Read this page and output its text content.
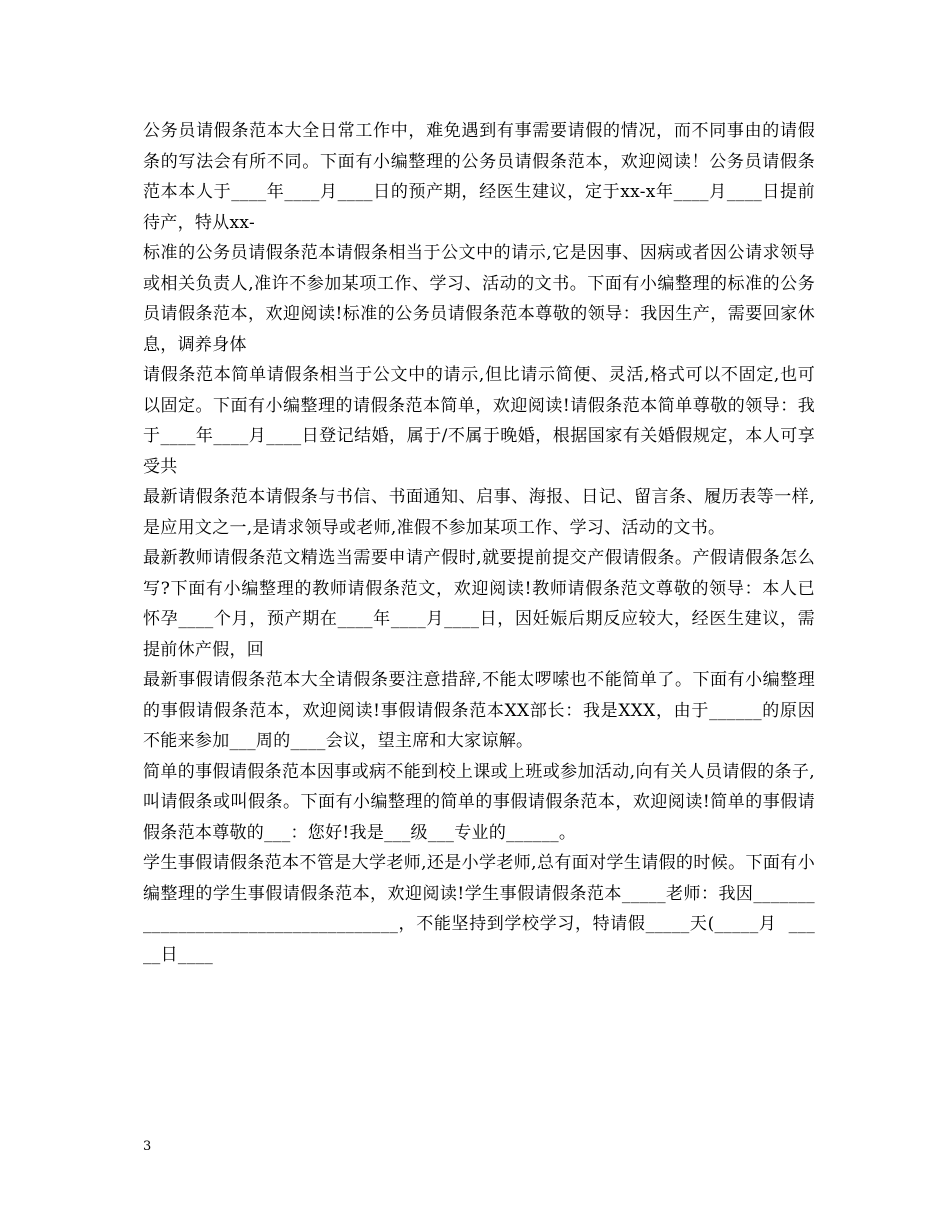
公务员请假条范本大全日常工作中，难免遇到有事需要请假的情况，而不同事由的请假条的写法会有所不同。下面有小编整理的公务员请假条范本，欢迎阅读！公务员请假条范本本人于____年____月____日的预产期，经医生建议，定于xx-x年____月____日提前待产，特从xx-

标准的公务员请假条范本请假条相当于公文中的请示,它是因事、因病或者因公请求领导或相关负责人,准许不参加某项工作、学习、活动的文书。下面有小编整理的标准的公务员请假条范本，欢迎阅读!标准的公务员请假条范本尊敬的领导：我因生产，需要回家休息，调养身体

请假条范本简单请假条相当于公文中的请示,但比请示简便、灵活,格式可以不固定,也可以固定。下面有小编整理的请假条范本简单，欢迎阅读!请假条范本简单尊敬的领导：我于____年____月____日登记结婚，属于/不属于晚婚，根据国家有关婚假规定，本人可享受共

最新请假条范本请假条与书信、书面通知、启事、海报、日记、留言条、履历表等一样,是应用文之一,是请求领导或老师,准假不参加某项工作、学习、活动的文书。

最新教师请假条范文精选当需要申请产假时,就要提前提交产假请假条。产假请假条怎么写?下面有小编整理的教师请假条范文，欢迎阅读!教师请假条范文尊敬的领导：本人已怀孕____个月，预产期在____年____月____日，因妊娠后期反应较大，经医生建议，需提前休产假，回

最新事假请假条范本大全请假条要注意措辞,不能太啰嗦也不能简单了。下面有小编整理的事假请假条范本，欢迎阅读!事假请假条范本XX部长：我是XXX，由于______的原因不能来参加___周的____会议，望主席和大家谅解。

简单的事假请假条范本因事或病不能到校上课或上班或参加活动,向有关人员请假的条子, 叫请假条或叫假条。下面有小编整理的简单的事假请假条范本，欢迎阅读!简单的事假请假条范本尊敬的___：您好!我是___级___专业的______。

学生事假请假条范本不管是大学老师,还是小学老师,总有面对学生请假的时候。下面有小编整理的学生事假请假条范本，欢迎阅读!学生事假请假条范本_____老师：我因____________________________________，不能坚持到学校学习，特请假_____天(_____月  _____日____

3
